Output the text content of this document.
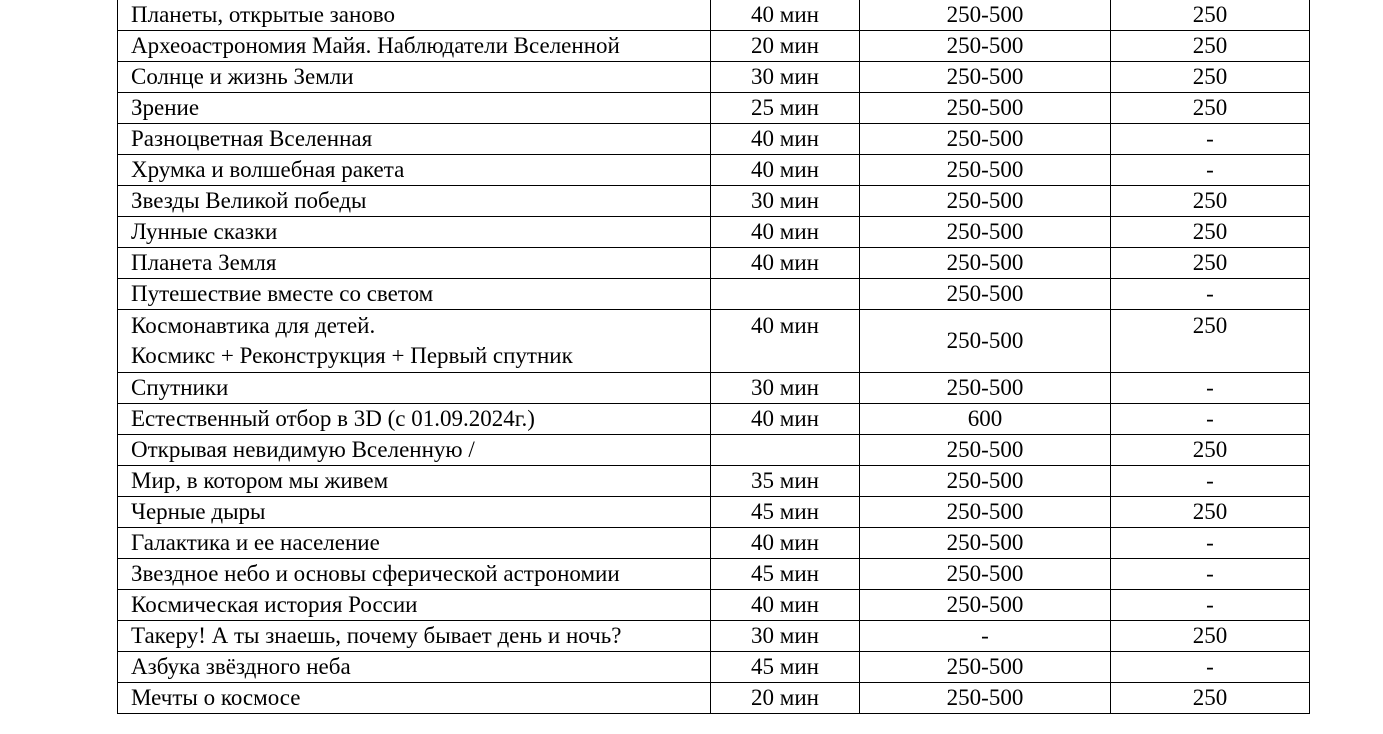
Планеты, открытые заново	40 мин	250-500	250
Археоастрономия Майя. Наблюдатели Вселенной	20 мин	250-500	250
Солнце и жизнь Земли	30 мин	250-500	250
Зрение	25 мин	250-500	250
Разноцветная Вселенная	40 мин	250-500	-
Хрумка и волшебная ракета	40 мин	250-500	-
Звезды Великой победы	30 мин	250-500	250
Лунные сказки	40 мин	250-500	250
Планета Земля	40 мин	250-500	250
Путешествие вместе со светом		250-500	-

Космонавтика для детей.
Космикс + Реконструкция + Первый спутник	40 мин	250-500	250
Спутники	30 мин	250-500	-
Естественный отбор в 3D (с 01.09.2024г.)	40 мин	600	-
Открывая невидимую Вселенную /		250-500	250
Мир, в котором мы живем	35 мин	250-500	-
Черные дыры	45 мин	250-500	250
Галактика и ее население	40 мин	250-500	-
Звездное небо и основы сферической астрономии	45 мин	250-500	-
Космическая история России	40 мин	250-500	-
Такеру! А ты знаешь, почему бывает день и ночь?	30 мин	-	250
Азбука звёздного неба	45 мин	250-500	-
Мечты о космосе	20 мин	250-500	250
